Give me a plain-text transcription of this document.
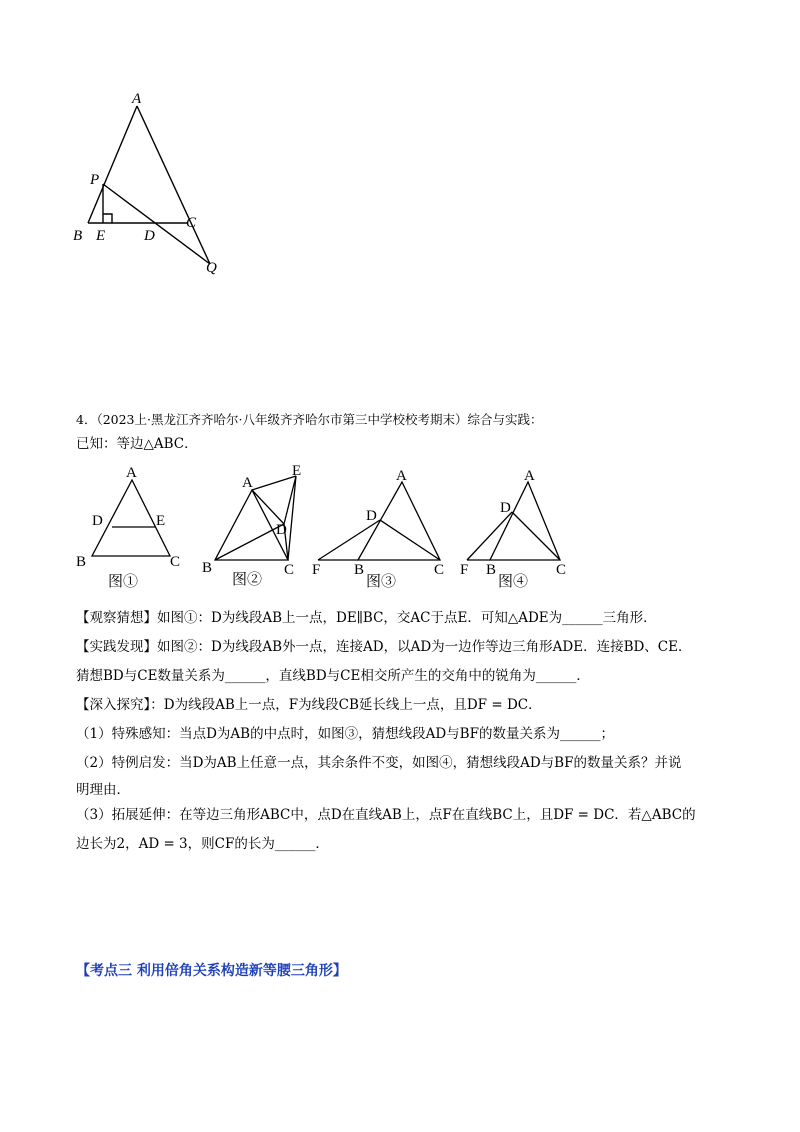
A
P
B E	D
C
Q
4．（2023上·黑龙江齐齐哈尔·八年级齐齐哈尔市第三中学校校考期末）综合与实践：
已知：等边△ABC．
A
D	E
B	C
图①
A
E
D
B	C
图②
A
D
F B	C
图③
A
D
F B	C
图④
【观察猜想】如图①：D为线段AB上一点，DE∥BC，交AC于点E．可知△ADE为______三角形．
【实践发现】如图②：D为线段AB外一点，连接AD，以AD为一边作等边三角形ADE．连接BD、CE．
猜想BD与CE数量关系为______，直线BD与CE相交所产生的交角中的锐角为______．
【深入探究】：D为线段AB上一点，F为线段CB延长线上一点，且DF = DC．
（1）特殊感知：当点D为AB的中点时，如图③，猜想线段AD与BF的数量关系为______；
（2）特例启发：当D为AB上任意一点，其余条件不变，如图④，猜想线段AD与BF的数量关系？并说
明理由．
（3）拓展延伸：在等边三角形ABC中，点D在直线AB上，点F在直线BC上，且DF = DC．若△ABC的
边长为2，AD = 3，则CF的长为______．
【考点三 利用倍角关系构造新等腰三角形】
